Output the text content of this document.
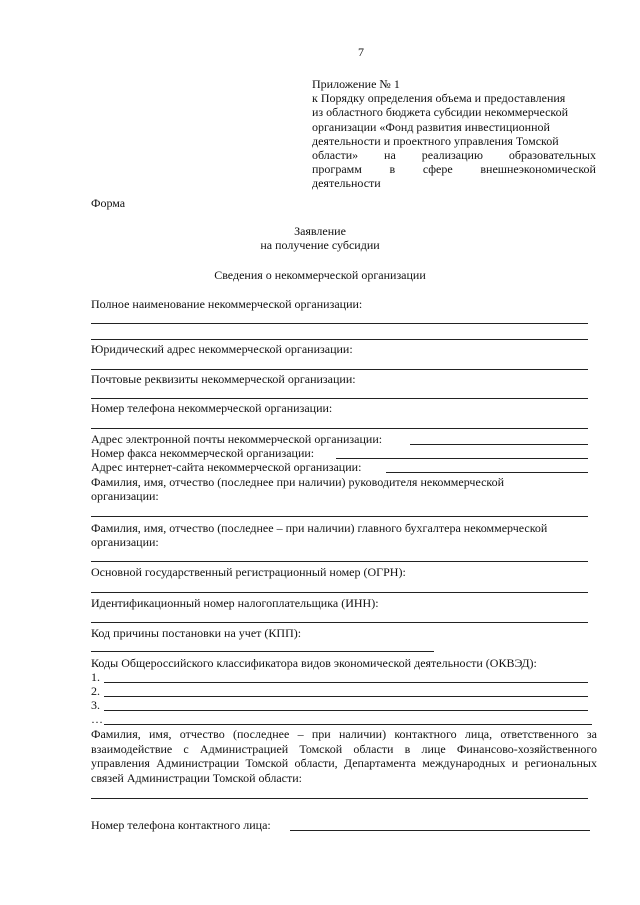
7
Приложение № 1
к Порядку определения объема и предоставления
из областного бюджета субсидии некоммерческой
организации «Фонд развития инвестиционной
деятельности и проектного управления Томской
области» на реализацию образовательных
программ в сфере внешнеэкономической
деятельности
Форма
Заявление
на получение субсидии
Сведения о некоммерческой организации
Полное наименование некоммерческой организации:
Юридический адрес некоммерческой организации:
Почтовые реквизиты некоммерческой организации:
Номер телефона некоммерческой организации:
Адрес электронной почты некоммерческой организации:
Номер факса некоммерческой организации:
Адрес интернет-сайта некоммерческой организации:
Фамилия, имя, отчество (последнее при наличии) руководителя некоммерческой
организации:
Фамилия, имя, отчество (последнее – при наличии) главного бухгалтера некоммерческой
организации:
Основной государственный регистрационный номер (ОГРН):
Идентификационный номер налогоплательщика (ИНН):
Код причины постановки на учет (КПП):
Коды Общероссийского классификатора видов экономической деятельности (ОКВЭД):
1.
2.
3.
…
Фамилия, имя, отчество (последнее – при наличии) контактного лица, ответственного за взаимодействие с Администрацией Томской области в лице Финансово-хозяйственного управления Администрации Томской области, Департамента международных и региональных связей Администрации Томской области:
Номер телефона контактного лица:
